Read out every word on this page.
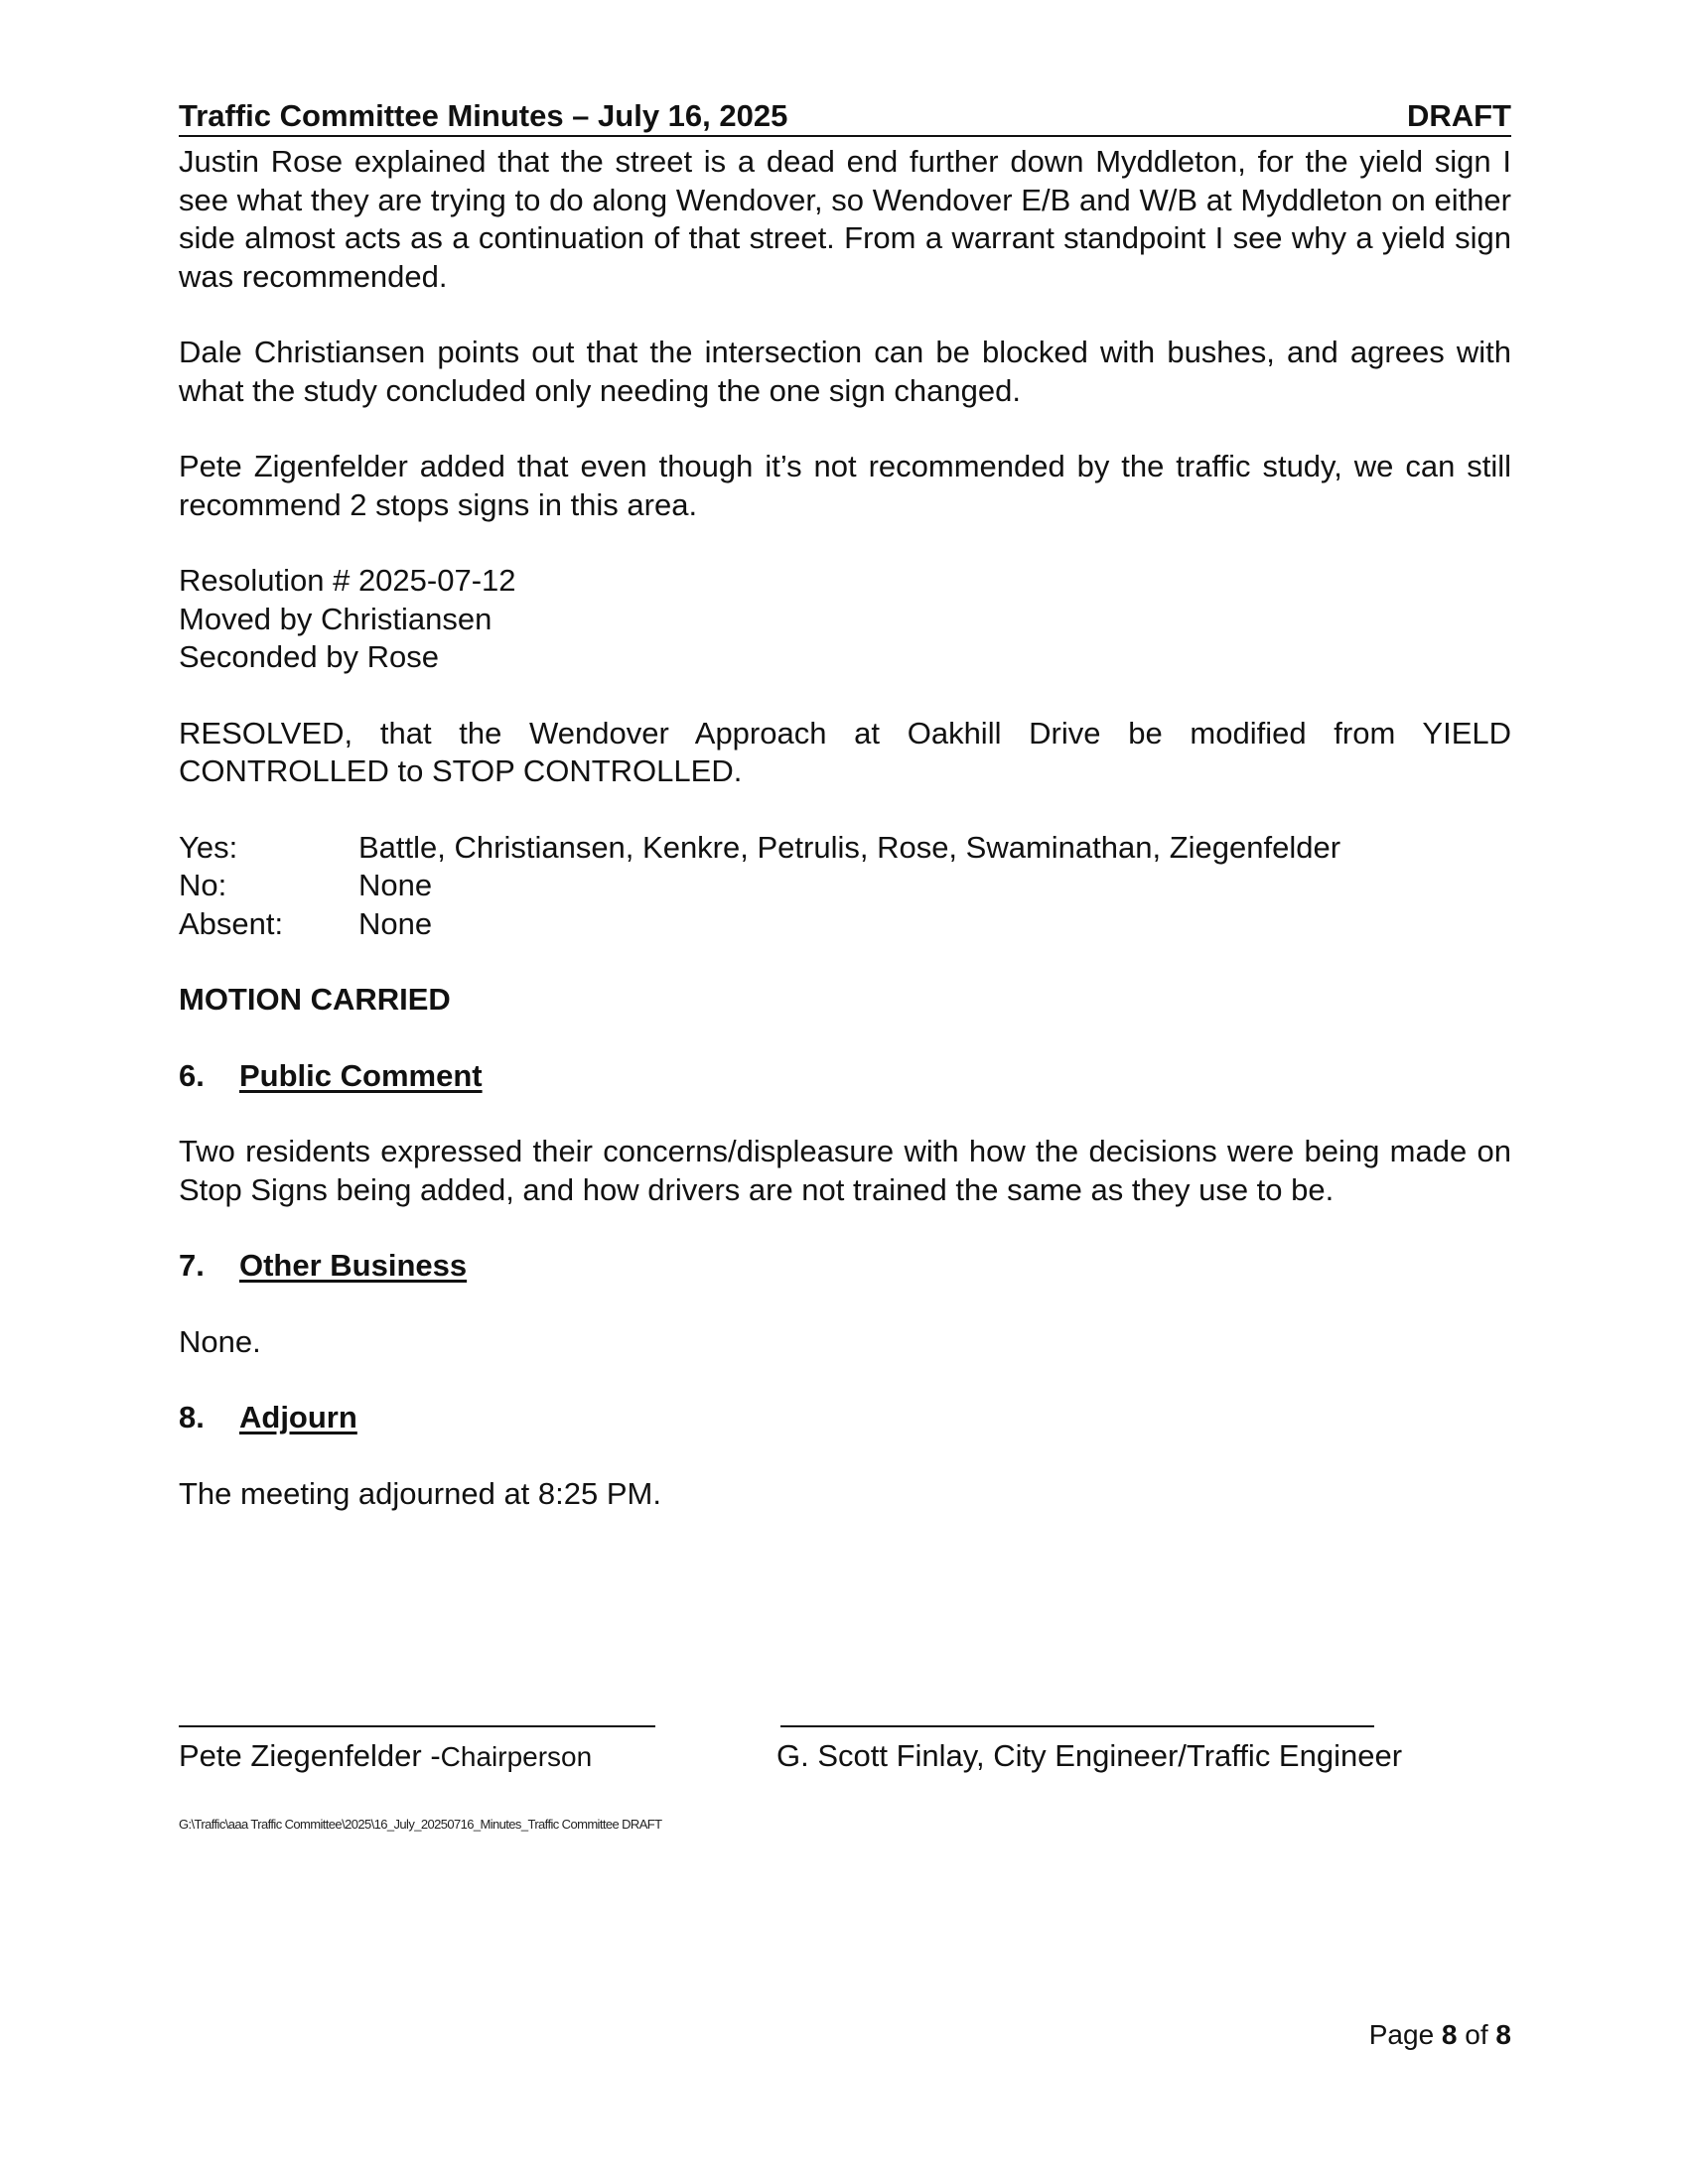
Traffic Committee Minutes – July 16, 2025	DRAFT

Justin Rose explained that the street is a dead end further down Myddleton, for the yield sign I see what they are trying to do along Wendover, so Wendover E/B and W/B at Myddleton on either side almost acts as a continuation of that street. From a warrant standpoint I see why a yield sign was recommended.

Dale Christiansen points out that the intersection can be blocked with bushes, and agrees with what the study concluded only needing the one sign changed.

Pete Zigenfelder added that even though it’s not recommended by the traffic study, we can still recommend 2 stops signs in this area.

Resolution # 2025-07-12

Moved by Christiansen

Seconded by Rose

RESOLVED, that the Wendover Approach at Oakhill Drive be modified from YIELD CONTROLLED to STOP CONTROLLED.

Yes:	Battle, Christiansen, Kenkre, Petrulis, Rose, Swaminathan, Ziegenfelder
No:	None
Absent:	None

MOTION CARRIED

6.	Public Comment

Two residents expressed their concerns/displeasure with how the decisions were being made on Stop Signs being added, and how drivers are not trained the same as they use to be.

7.	Other Business

None.

8.	Adjourn

The meeting adjourned at 8:25 PM.

Pete Ziegenfelder -Chairperson	G. Scott Finlay, City Engineer/Traffic Engineer
G:\Traffic\aaa Traffic Committee\2025\16_July_20250716_Minutes_Traffic Committee DRAFT
Page 8 of 8
